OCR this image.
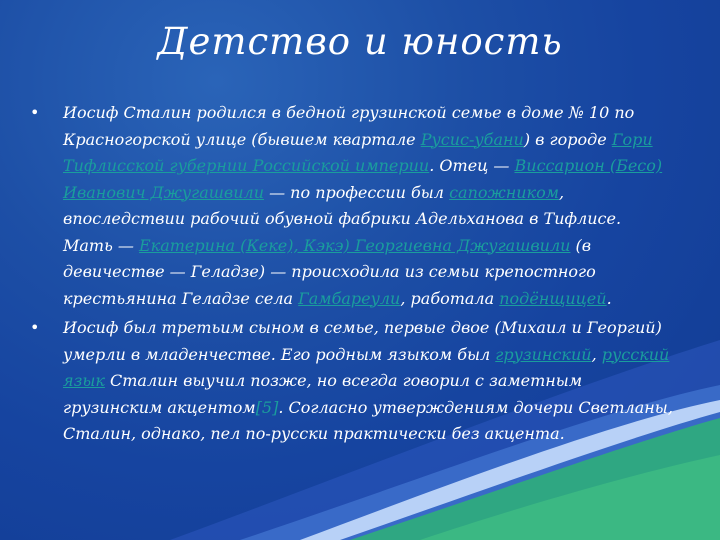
Детство и юность

• Иосиф Сталин родился в бедной грузинской семье в доме № 10 по Красногорской улице (бывшем квартале Русис-убани) в городе Гори Тифлисской губернии Российской империи. Отец — Виссарион (Бесо) Иванович Джугашвили — по профессии был сапожником, впоследствии рабочий обувной фабрики Адельханова в Тифлисе. Мать — Екатерина (Кеке), Кэкэ) Георгиевна Джугашвили (в девичестве — Геладзе) — происходила из семьи крепостного крестьянина Геладзе села Гамбареули, работала подёнщицей.

• Иосиф был третьим сыном в семье, первые двое (Михаил и Георгий) умерли в младенчестве. Его родным языком был грузинский, русский язык Сталин выучил позже, но всегда говорил с заметным грузинским акцентом[5]. Согласно утверждениям дочери Светланы, Сталин, однако, пел по-русски практически без акцента.
